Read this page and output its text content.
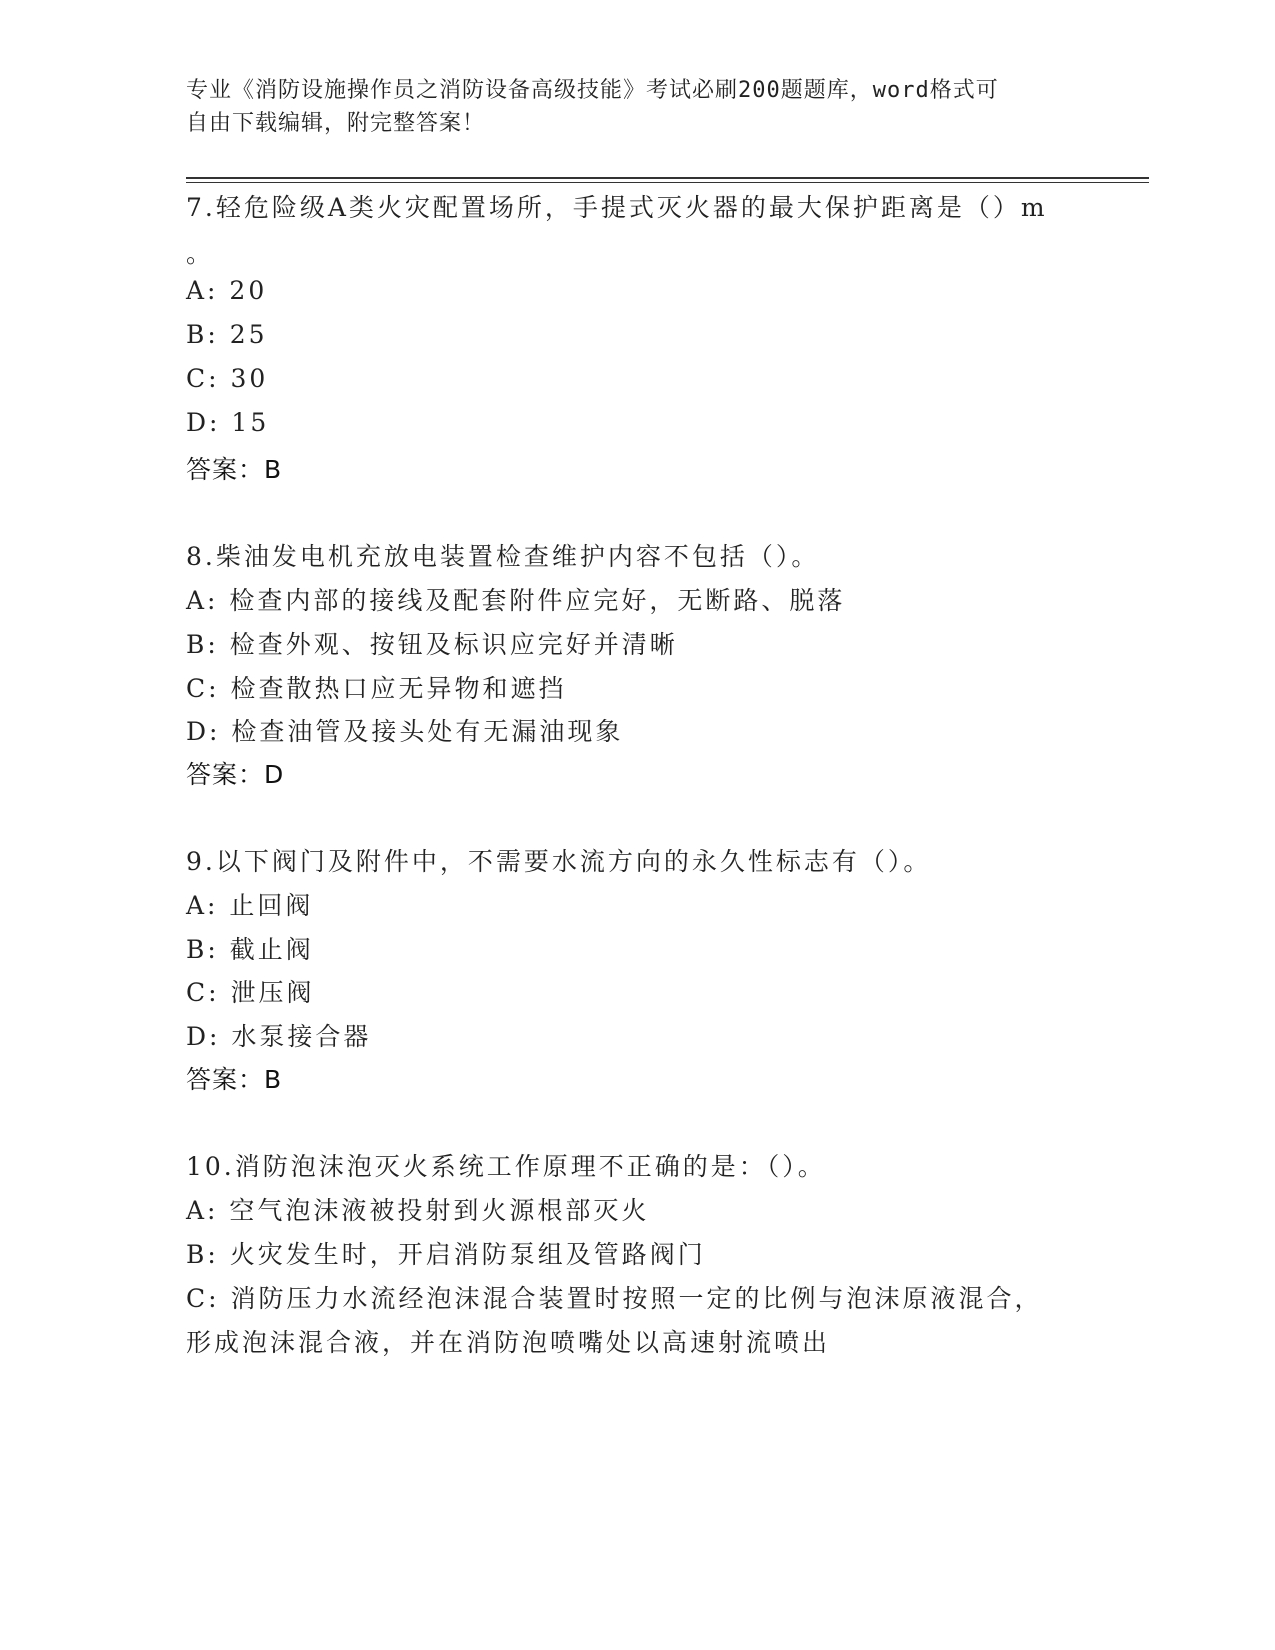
专业《消防设施操作员之消防设备高级技能》考试必刷200题题库，word格式可
自由下载编辑，附完整答案！
7.轻危险级A类火灾配置场所，手提式灭火器的最大保护距离是（）m
。
A: 20
B: 25
C: 30
D: 15
答案：B
8.柴油发电机充放电装置检查维护内容不包括（）。
A: 检查内部的接线及配套附件应完好，无断路、脱落
B: 检查外观、按钮及标识应完好并清晰
C: 检查散热口应无异物和遮挡
D: 检查油管及接头处有无漏油现象
答案：D
9.以下阀门及附件中，不需要水流方向的永久性标志有（）。
A: 止回阀
B: 截止阀
C: 泄压阀
D: 水泵接合器
答案：B
10.消防泡沫泡灭火系统工作原理不正确的是：（）。
A: 空气泡沫液被投射到火源根部灭火
B: 火灾发生时，开启消防泵组及管路阀门
C: 消防压力水流经泡沫混合装置时按照一定的比例与泡沫原液混合，
形成泡沫混合液，并在消防泡喷嘴处以高速射流喷出
